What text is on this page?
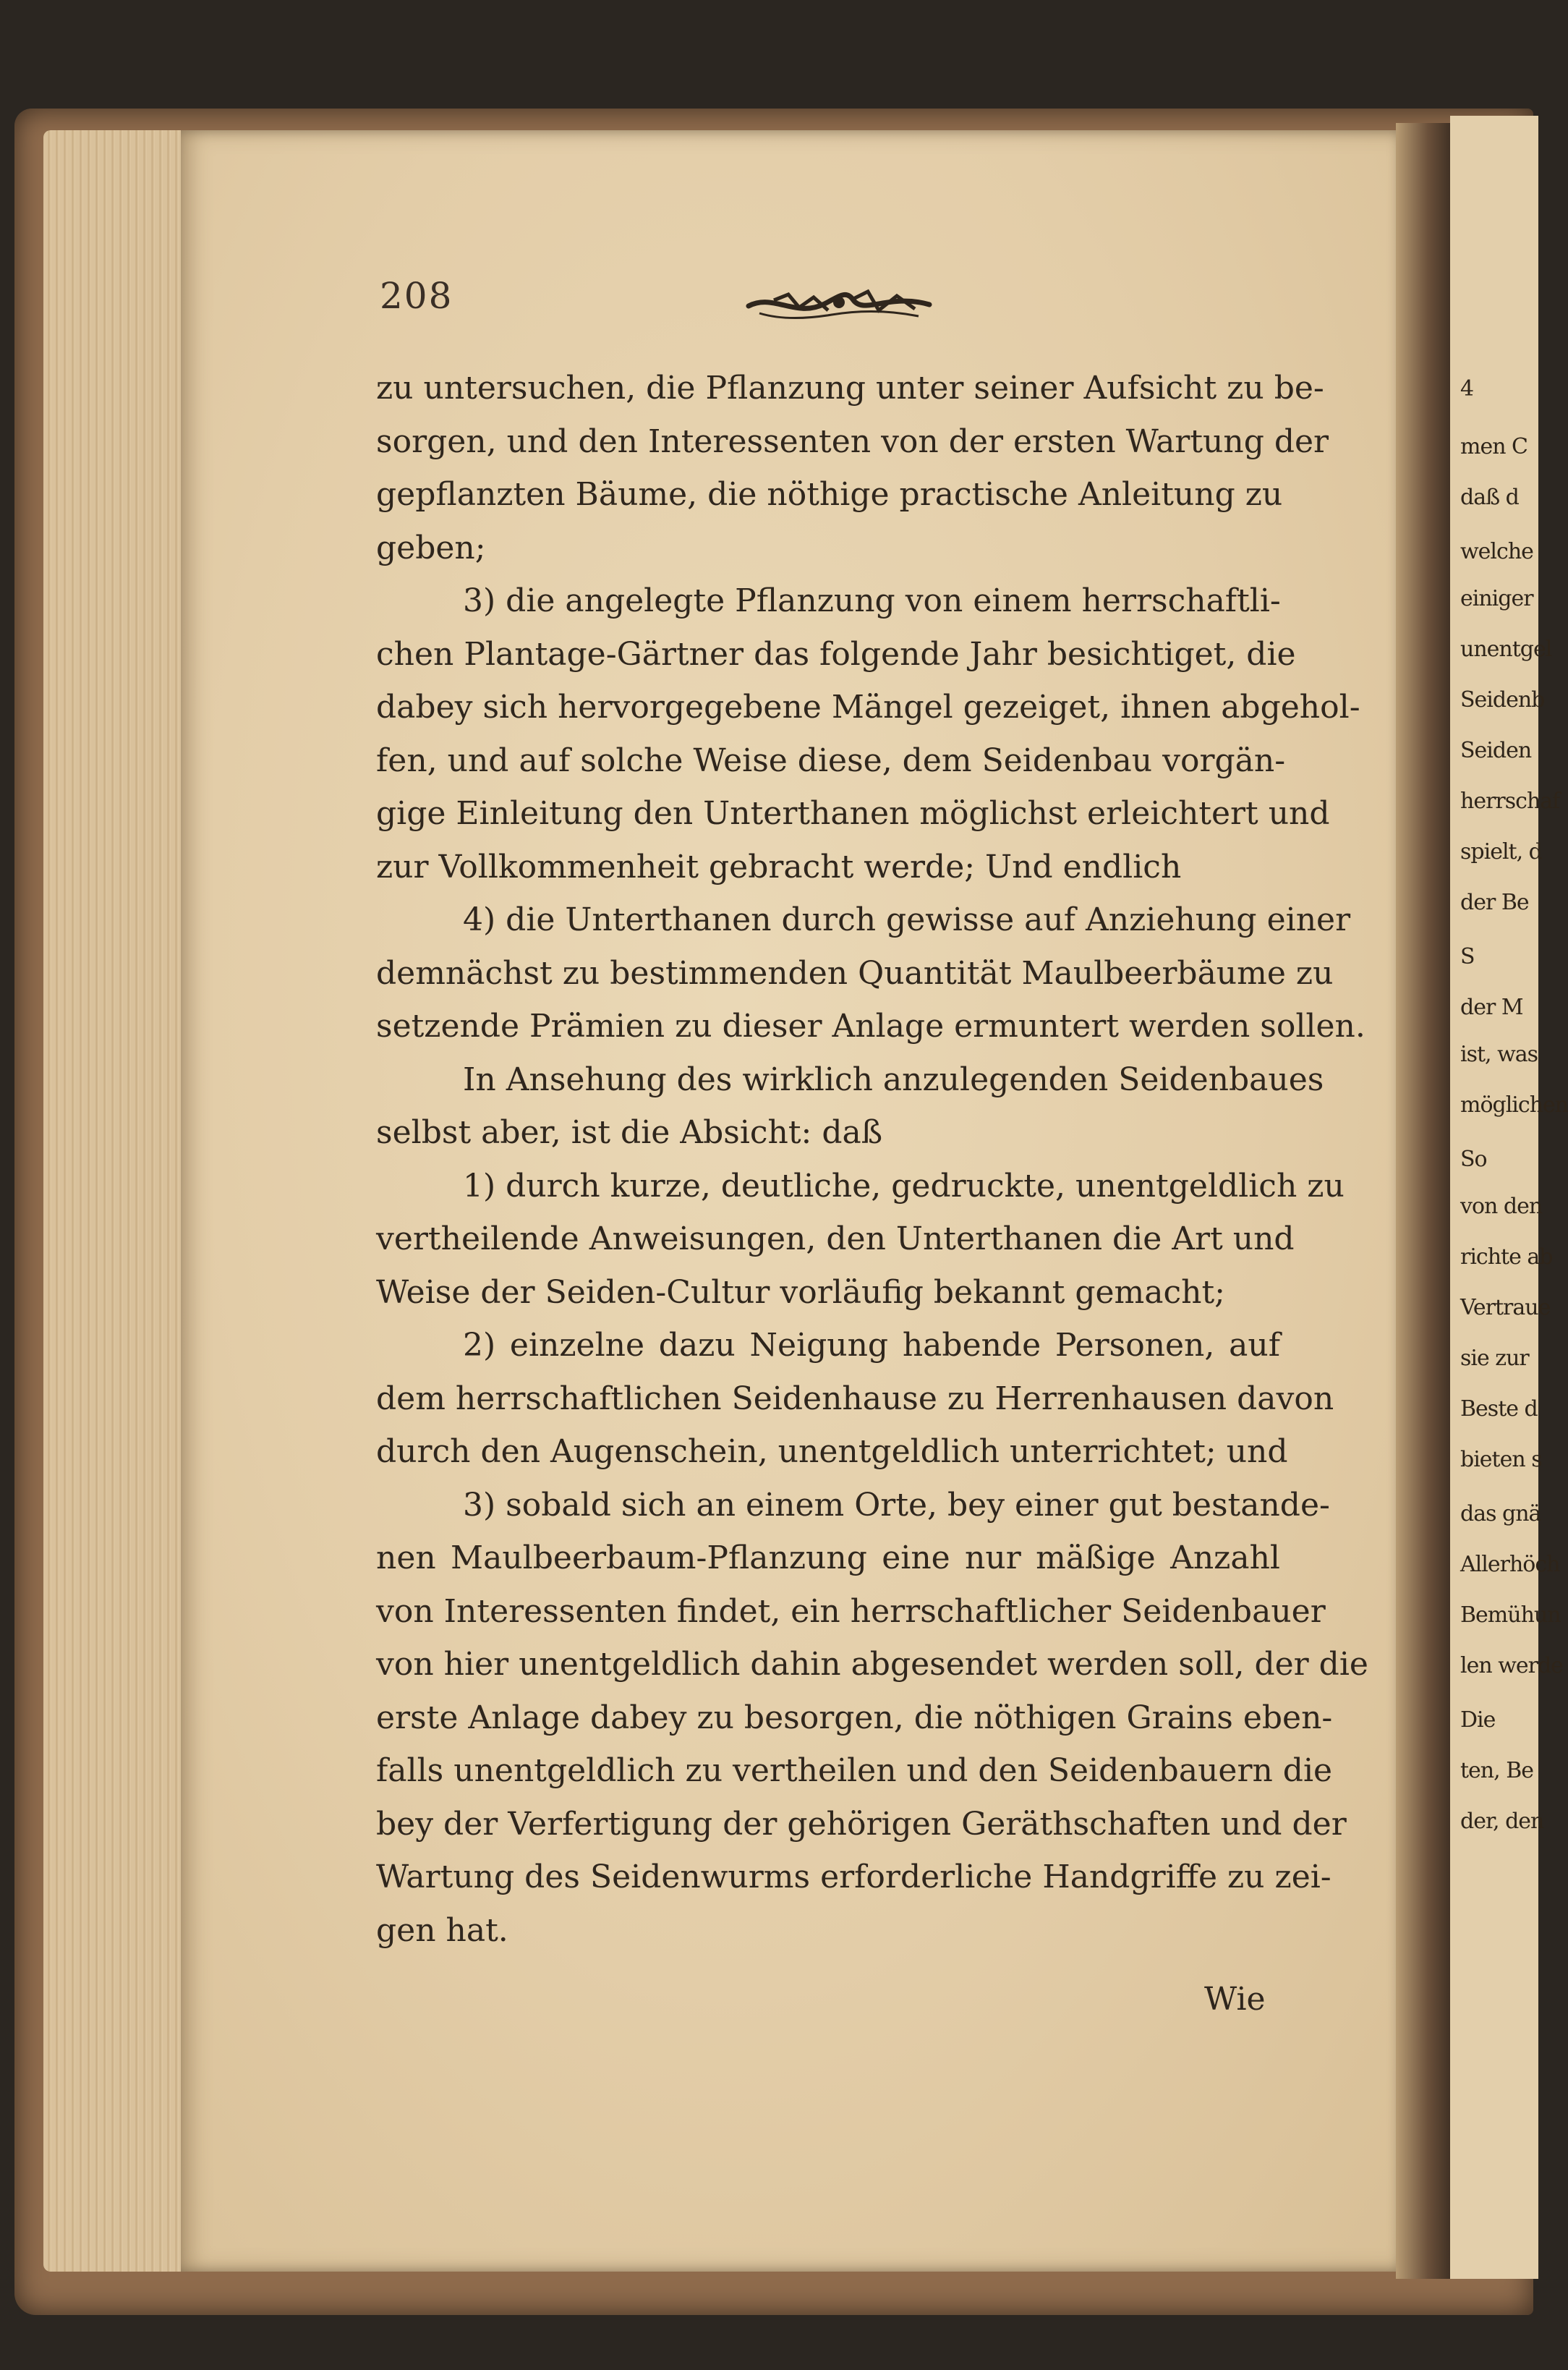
4
men C
daß d
welche
einiger
unentgel
Seidenb
Seiden
herrschaf
spielt, d
der Be
S
der M
ist, was
möglichen
So
von den
richte ab
Vertraue
sie zur
Beste d
bieten s
das gnä
Allerhöch
Bemühun
len werde
Die
ten, Be
der, den
208
zu untersuchen, die Pflanzung unter seiner Aufsicht zu be‑
sorgen, und den Interessenten von der ersten Wartung der
gepflanzten Bäume, die nöthige practische Anleitung zu
geben;
3) die angelegte Pflanzung von einem herrschaftli‑
chen Plantage‑Gärtner das folgende Jahr besichtiget, die
dabey sich hervorgegebene Mängel gezeiget, ihnen abgehol‑
fen, und auf solche Weise diese, dem Seidenbau vorgän‑
gige Einleitung den Unterthanen möglichst erleichtert und
zur Vollkommenheit gebracht werde; Und endlich
4) die Unterthanen durch gewisse auf Anziehung einer
demnächst zu bestimmenden Quantität Maulbeerbäume zu
setzende Prämien zu dieser Anlage ermuntert werden sollen.
In Ansehung des wirklich anzulegenden Seidenbaues
selbst aber, ist die Absicht: daß
1) durch kurze, deutliche, gedruckte, unentgeldlich zu
vertheilende Anweisungen, den Unterthanen die Art und
Weise der Seiden‑Cultur vorläufig bekannt gemacht;
2) einzelne dazu Neigung habende Personen, auf
dem herrschaftlichen Seidenhause zu Herrenhausen davon
durch den Augenschein, unentgeldlich unterrichtet; und
3) sobald sich an einem Orte, bey einer gut bestande‑
nen Maulbeerbaum‑Pflanzung eine nur mäßige Anzahl
von Interessenten findet, ein herrschaftlicher Seidenbauer
von hier unentgeldlich dahin abgesendet werden soll, der die
erste Anlage dabey zu besorgen, die nöthigen Grains eben‑
falls unentgeldlich zu vertheilen und den Seidenbauern die
bey der Verfertigung der gehörigen Geräthschaften und der
Wartung des Seidenwurms erforderliche Handgriffe zu zei‑
gen hat.
Wie
